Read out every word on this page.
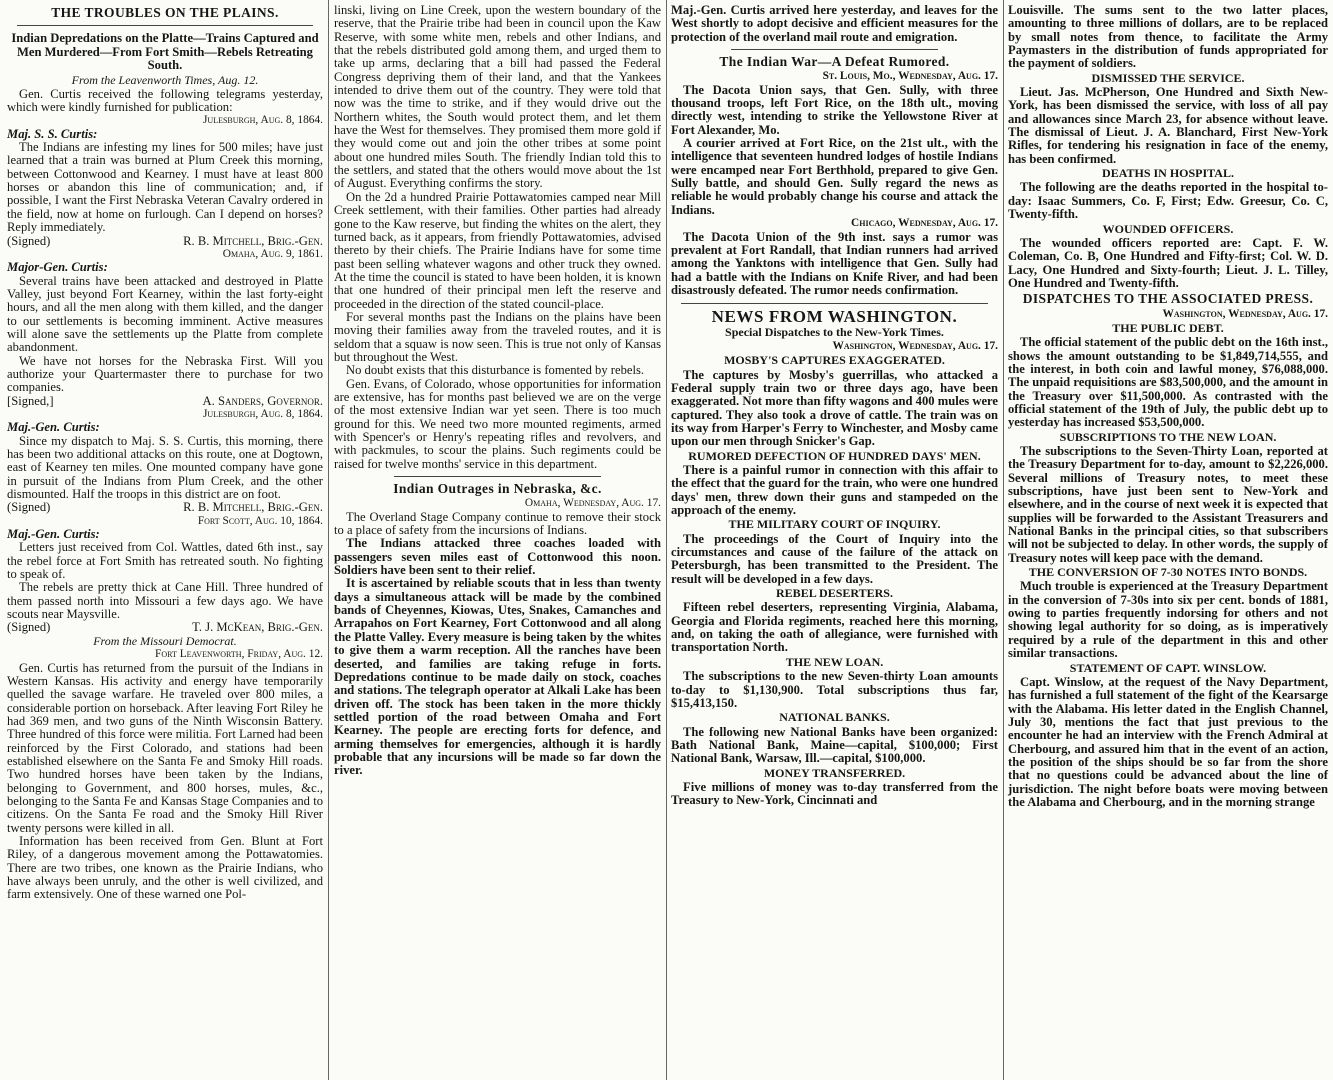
THE TROUBLES ON THE PLAINS.
Indian Depredations on the Platte—Trains Captured and Men Murdered—From Fort Smith—Rebels Retreating South.
From the Leavenworth Times, Aug. 12.

Gen. Curtis received the following telegrams yesterday, which were kindly furnished for publication:

Julesburgh, Aug. 8, 1864.

Maj. S. S. Curtis:

The Indians are infesting my lines for 500 miles; have just learned that a train was burned at Plum Creek this morning, between Cottonwood and Kearney. I must have at least 800 horses or abandon this line of communication; and, if possible, I want the First Nebraska Veteran Cavalry ordered in the field, now at home on furlough. Can I depend on horses? Reply immediately.

(Signed)	R. B. Mitchell, Brig.-Gen.

Omaha, Aug. 9, 1861.

Major-Gen. Curtis:

Several trains have been attacked and destroyed in Platte Valley, just beyond Fort Kearney, within the last forty-eight hours, and all the men along with them killed, and the danger to our settlements is becoming imminent. Active measures will alone save the settlements up the Platte from complete abandonment.

We have not horses for the Nebraska First. Will you authorize your Quartermaster there to purchase for two companies.

[Signed,]	A. Sanders, Governor.

Julesburgh, Aug. 8, 1864.

Maj.-Gen. Curtis:

Since my dispatch to Maj. S. S. Curtis, this morning, there has been two additional attacks on this route, one at Dogtown, east of Kearney ten miles. One mounted company have gone in pursuit of the Indians from Plum Creek, and the other dismounted. Half the troops in this district are on foot.

(Signed)	R. B. Mitchell, Brig.-Gen.

Fort Scott, Aug. 10, 1864.

Maj.-Gen. Curtis:

Letters just received from Col. Wattles, dated 6th inst., say the rebel force at Fort Smith has retreated south. No fighting to speak of.

The rebels are pretty thick at Cane Hill. Three hundred of them passed north into Missouri a few days ago. We have scouts near Maysville.

(Signed)	T. J. McKean, Brig.-Gen.

From the Missouri Democrat.

Fort Leavenworth, Friday, Aug. 12.

Gen. Curtis has returned from the pursuit of the Indians in Western Kansas. His activity and energy have temporarily quelled the savage warfare. He traveled over 800 miles, a considerable portion on horseback. After leaving Fort Riley he had 369 men, and two guns of the Ninth Wisconsin Battery. Three hundred of this force were militia. Fort Larned had been reinforced by the First Colorado, and stations had been established elsewhere on the Santa Fe and Smoky Hill roads. Two hundred horses have been taken by the Indians, belonging to Government, and 800 horses, mules, &c., belonging to the Santa Fe and Kansas Stage Companies and to citizens. On the Santa Fe road and the Smoky Hill River twenty persons were killed in all.

Information has been received from Gen. Blunt at Fort Riley, of a dangerous movement among the Pottawatomies. There are two tribes, one known as the Prairie Indians, who have always been unruly, and the other is well civilized, and farm extensively. One of these warned one Pol-

linski, living on Line Creek, upon the western boundary of the reserve, that the Prairie tribe had been in council upon the Kaw Reserve, with some white men, rebels and other Indians, and that the rebels distributed gold among them, and urged them to take up arms, declaring that a bill had passed the Federal Congress depriving them of their land, and that the Yankees intended to drive them out of the country. They were told that now was the time to strike, and if they would drive out the Northern whites, the South would protect them, and let them have the West for themselves. They promised them more gold if they would come out and join the other tribes at some point about one hundred miles South. The friendly Indian told this to the settlers, and stated that the others would move about the 1st of August. Everything confirms the story.

On the 2d a hundred Prairie Pottawatomies camped near Mill Creek settlement, with their families. Other parties had already gone to the Kaw reserve, but finding the whites on the alert, they turned back, as it appears, from friendly Pottawatomies, advised thereto by their chiefs. The Prairie Indians have for some time past been selling whatever wagons and other truck they owned. At the time the council is stated to have been holden, it is known that one hundred of their principal men left the reserve and proceeded in the direction of the stated council-place.

For several months past the Indians on the plains have been moving their families away from the traveled routes, and it is seldom that a squaw is now seen. This is true not only of Kansas but throughout the West.

No doubt exists that this disturbance is fomented by rebels.

Gen. Evans, of Colorado, whose opportunities for information are extensive, has for months past believed we are on the verge of the most extensive Indian war yet seen. There is too much ground for this. We need two more mounted regiments, armed with Spencer's or Henry's repeating rifles and revolvers, and with packmules, to scour the plains. Such regiments could be raised for twelve months' service in this department.

Indian Outrages in Nebraska, &c.

Omaha, Wednesday, Aug. 17.

The Overland Stage Company continue to remove their stock to a place of safety from the incursions of Indians.

The Indians attacked three coaches loaded with passengers seven miles east of Cottonwood this noon. Soldiers have been sent to their relief.

It is ascertained by reliable scouts that in less than twenty days a simultaneous attack will be made by the combined bands of Cheyennes, Kiowas, Utes, Snakes, Camanches and Arrapahos on Fort Kearney, Fort Cottonwood and all along the Platte Valley. Every measure is being taken by the whites to give them a warm reception. All the ranches have been deserted, and families are taking refuge in forts. Depredations continue to be made daily on stock, coaches and stations. The telegraph operator at Alkali Lake has been driven off. The stock has been taken in the more thickly settled portion of the road between Omaha and Fort Kearney. The people are erecting forts for defence, and arming themselves for emergencies, although it is hardly probable that any incursions will be made so far down the river.

Maj.-Gen. Curtis arrived here yesterday, and leaves for the West shortly to adopt decisive and efficient measures for the protection of the overland mail route and emigration.

The Indian War—A Defeat Rumored.

St. Louis, Mo., Wednesday, Aug. 17.

The Dacota Union says, that Gen. Sully, with three thousand troops, left Fort Rice, on the 18th ult., moving directly west, intending to strike the Yellowstone River at Fort Alexander, Mo.

A courier arrived at Fort Rice, on the 21st ult., with the intelligence that seventeen hundred lodges of hostile Indians were encamped near Fort Berthhold, prepared to give Gen. Sully battle, and should Gen. Sully regard the news as reliable he would probably change his course and attack the Indians.

Chicago, Wednesday, Aug. 17.

The Dacota Union of the 9th inst. says a rumor was prevalent at Fort Randall, that Indian runners had arrived among the Yanktons with intelligence that Gen. Sully had had a battle with the Indians on Knife River, and had been disastrously defeated. The rumor needs confirmation.

NEWS FROM WASHINGTON.
Special Dispatches to the New-York Times.

Washington, Wednesday, Aug. 17.

MOSBY'S CAPTURES EXAGGERATED.

The captures by Mosby's guerrillas, who attacked a Federal supply train two or three days ago, have been exaggerated. Not more than fifty wagons and 400 mules were captured. They also took a drove of cattle. The train was on its way from Harper's Ferry to Winchester, and Mosby came upon our men through Snicker's Gap.

RUMORED DEFECTION OF HUNDRED DAYS' MEN.

There is a painful rumor in connection with this affair to the effect that the guard for the train, who were one hundred days' men, threw down their guns and stampeded on the approach of the enemy.

THE MILITARY COURT OF INQUIRY.

The proceedings of the Court of Inquiry into the circumstances and cause of the failure of the attack on Petersburgh, has been transmitted to the President. The result will be developed in a few days.

REBEL DESERTERS.

Fifteen rebel deserters, representing Virginia, Alabama, Georgia and Florida regiments, reached here this morning, and, on taking the oath of allegiance, were furnished with transportation North.

THE NEW LOAN.

The subscriptions to the new Seven-thirty Loan amounts to-day to $1,130,900. Total subscriptions thus far, $15,413,150.

NATIONAL BANKS.

The following new National Banks have been organized: Bath National Bank, Maine—capital, $100,000; First National Bank, Warsaw, Ill.—capital, $100,000.

MONEY TRANSFERRED.

Five millions of money was to-day transferred from the Treasury to New-York, Cincinnati and

Louisville. The sums sent to the two latter places, amounting to three millions of dollars, are to be replaced by small notes from thence, to facilitate the Army Paymasters in the distribution of funds appropriated for the payment of soldiers.

DISMISSED THE SERVICE.

Lieut. Jas. McPherson, One Hundred and Sixth New-York, has been dismissed the service, with loss of all pay and allowances since March 23, for absence without leave. The dismissal of Lieut. J. A. Blanchard, First New-York Rifles, for tendering his resignation in face of the enemy, has been confirmed.

DEATHS IN HOSPITAL.

The following are the deaths reported in the hospital to-day: Isaac Summers, Co. F, First; Edw. Greesur, Co. C, Twenty-fifth.

WOUNDED OFFICERS.

The wounded officers reported are: Capt. F. W. Coleman, Co. B, One Hundred and Fifty-first; Col. W. D. Lacy, One Hundred and Sixty-fourth; Lieut. J. L. Tilley, One Hundred and Twenty-fifth.

DISPATCHES TO THE ASSOCIATED PRESS.

Washington, Wednesday, Aug. 17.

THE PUBLIC DEBT.

The official statement of the public debt on the 16th inst., shows the amount outstanding to be $1,849,714,555, and the interest, in both coin and lawful money, $76,088,000. The unpaid requisitions are $83,500,000, and the amount in the Treasury over $11,500,000. As contrasted with the official statement of the 19th of July, the public debt up to yesterday has increased $53,500,000.

SUBSCRIPTIONS TO THE NEW LOAN.

The subscriptions to the Seven-Thirty Loan, reported at the Treasury Department for to-day, amount to $2,226,000. Several millions of Treasury notes, to meet these subscriptions, have just been sent to New-York and elsewhere, and in the course of next week it is expected that supplies will be forwarded to the Assistant Treasurers and National Banks in the principal cities, so that subscribers will not be subjected to delay. In other words, the supply of Treasury notes will keep pace with the demand.

THE CONVERSION OF 7-30 NOTES INTO BONDS.

Much trouble is experienced at the Treasury Department in the conversion of 7-30s into six per cent. bonds of 1881, owing to parties frequently indorsing for others and not showing legal authority for so doing, as is imperatively required by a rule of the department in this and other similar transactions.

STATEMENT OF CAPT. WINSLOW.

Capt. Winslow, at the request of the Navy Department, has furnished a full statement of the fight of the Kearsarge with the Alabama. His letter dated in the English Channel, July 30, mentions the fact that just previous to the encounter he had an interview with the French Admiral at Cherbourg, and assured him that in the event of an action, the position of the ships should be so far from the shore that no questions could be advanced about the line of jurisdiction. The night before boats were moving between the Alabama and Cherbourg, and in the morning strange
